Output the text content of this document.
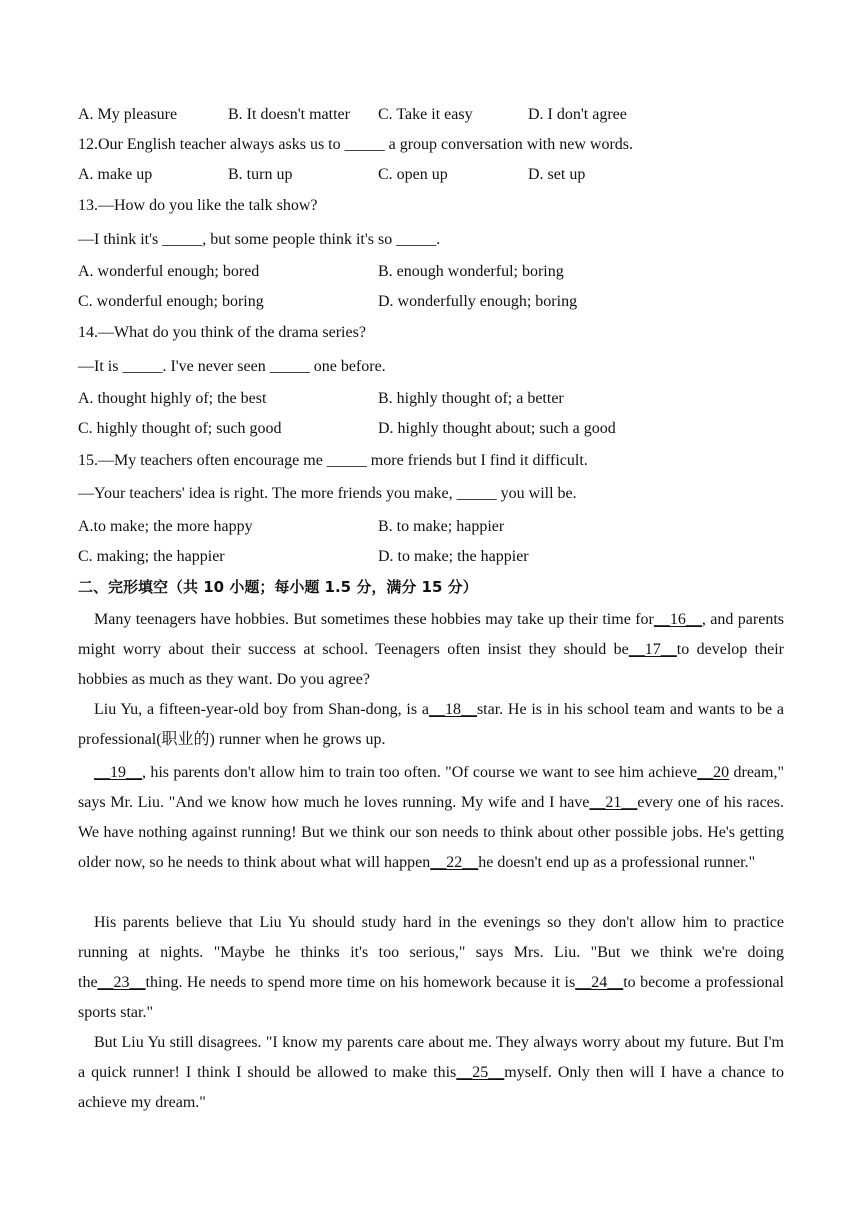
A. My pleasure	B. It doesn't matter	C. Take it easy	D. I don't agree
12.Our English teacher always asks us to _____ a group conversation with new words.
A. make up	B. turn up	C. open up	D. set up
13.—How do you like the talk show?
—I think it's _____, but some people think it's so _____.
A. wonderful enough; bored	B. enough wonderful; boring
C. wonderful enough; boring	D. wonderfully enough; boring
14.—What do you think of the drama series?
—It is _____. I've never seen _____ one before.
A. thought highly of; the best	B. highly thought of; a better
C. highly thought of; such good	D. highly thought about; such a good
15.—My teachers often encourage me _____ more friends but I find it difficult.
—Your teachers' idea is right. The more friends you make, _____ you will be.
A.to make; the more happy	B. to make; happier
C. making; the happier	D. to make; the happier
二、完形填空（共 10 小题；每小题 1.5 分，满分 15 分）
Many teenagers have hobbies. But sometimes these hobbies may take up their time for__16__, and parents might worry about their success at school. Teenagers often insist they should be__17__to develop their hobbies as much as they want. Do you agree?
Liu Yu, a fifteen-year-old boy from Shan-dong, is a__18__star. He is in his school team and wants to be a professional(职业的) runner when he grows up.
__19__, his parents don't allow him to train too often. "Of course we want to see him achieve__20 dream," says Mr. Liu. "And we know how much he loves running. My wife and I have__21__every one of his races. We have nothing against running! But we think our son needs to think about other possible jobs. He's getting older now, so he needs to think about what will happen__22__he doesn't end up as a professional runner."
His parents believe that Liu Yu should study hard in the evenings so they don't allow him to practice running at nights. "Maybe he thinks it's too serious," says Mrs. Liu. "But we think we're doing the__23__thing. He needs to spend more time on his homework because it is__24__to become a professional sports star."
But Liu Yu still disagrees. "I know my parents care about me. They always worry about my future. But I'm a quick runner! I think I should be allowed to make this__25__myself. Only then will I have a chance to achieve my dream."
